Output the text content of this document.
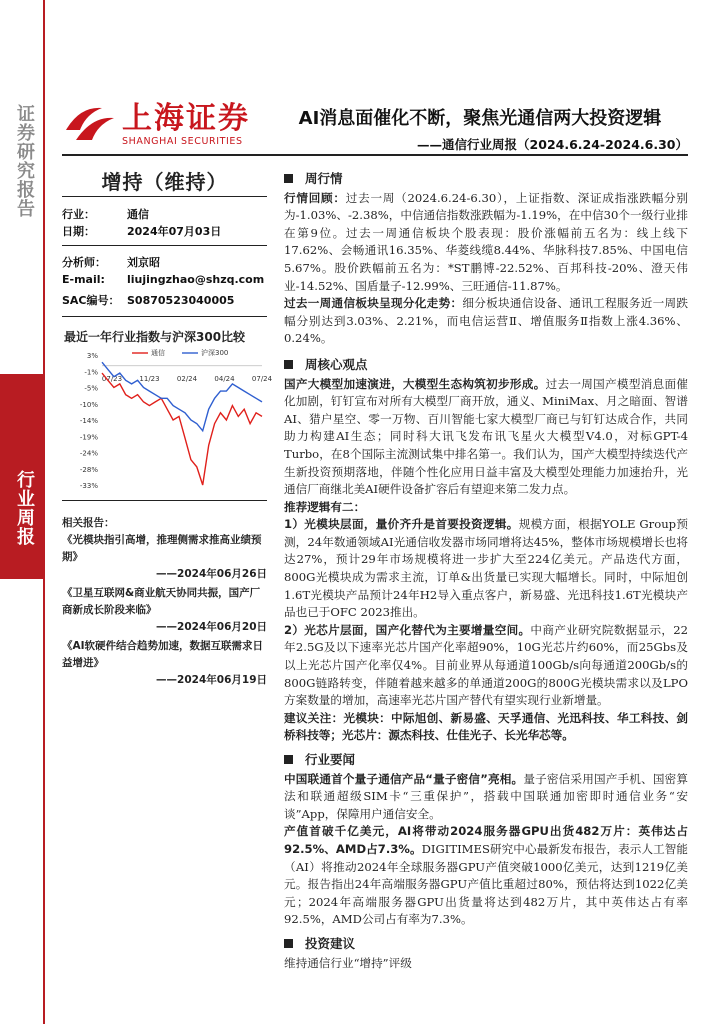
证券研究报告
行业周报
上海证券
SHANGHAI SECURITIES
AI消息面催化不断，聚焦光通信两大投资逻辑
——通信行业周报（2024.6.24-2024.6.30）
增持（维持）
行业：	通信
日期：	2024年07月03日
分析师： 刘京昭
E-mail: liujingzhao@shzq.com
SAC编号： S0870523040005
最近一年行业指数与沪深300比较
3%
-1%
-5%
-10%
-14%
-19%
-24%
-28%
-33%
07/23 11/23 02/24 04/24 07/24
通信	沪深300
相关报告：
《光模块指引高增，推理侧需求推高业绩预期》
——2024年06月26日
《卫星互联网&商业航天协同共振，国产厂商新成长阶段来临》
——2024年06月20日
《AI软硬件结合趋势加速，数据互联需求日益增进》
——2024年06月19日
周行情

行情回顾：过去一周（2024.6.24-6.30），上证指数、深证成指涨跌幅分别为-1.03%、-2.38%，中信通信指数涨跌幅为-1.19%，在中信30个一级行业排在第9位。过去一周通信板块个股表现：股价涨幅前五名为：线上线下17.62%、会畅通讯16.35%、华菱线缆8.44%、华脉科技7.85%、中国电信5.67%。股价跌幅前五名为：*ST鹏博-22.52%、百邦科技-20%、澄天伟业-14.52%、国盾量子-12.99%、三旺通信-11.87%。

过去一周通信板块呈现分化走势：细分板块通信设备、通讯工程服务近一周跌幅分别达到3.03%、2.21%，而电信运营Ⅱ、增值服务Ⅱ指数上涨4.36%、0.24%。

周核心观点

国产大模型加速演进，大模型生态构筑初步形成。过去一周国产模型消息面催化加剧，钉钉宣布对所有大模型厂商开放，通义、MiniMax、月之暗面、智谱AI、猎户星空、零一万物、百川智能七家大模型厂商已与钉钉达成合作，共同助力构建AI生态；同时科大讯飞发布讯飞星火大模型V4.0，对标GPT-4 Turbo，在8个国际主流测试集中排名第一。我们认为，国产大模型持续迭代产生新投资预期落地，伴随个性化应用日益丰富及大模型处理能力加速抬升，光通信厂商继北美AI硬件设备扩容后有望迎来第二发力点。

推荐逻辑有二：

1）光模块层面，量价齐升是首要投资逻辑。规模方面，根据YOLE Group预测，24年数通领域AI光通信收发器市场同增将达45%，整体市场规模增长也将达27%，预计29年市场规模将进一步扩大至224亿美元。产品迭代方面，800G光模块成为需求主流，订单&出货量已实现大幅增长。同时，中际旭创1.6T光模块产品预计24年H2导入重点客户，新易盛、光迅科技1.6T光模块产品也已于OFC 2023推出。

2）光芯片层面，国产化替代为主要增量空间。中商产业研究院数据显示，22年2.5G及以下速率光芯片国产化率超90%，10G光芯片约60%，而25Gbs及以上光芯片国产化率仅4%。目前业界从每通道100Gb/s向每通道200Gb/s的800G链路转变，伴随着越来越多的单通道200G的800G光模块需求以及LPO方案数量的增加，高速率光芯片国产替代有望实现行业新增量。

建议关注：光模块：中际旭创、新易盛、天孚通信、光迅科技、华工科技、剑桥科技等；光芯片：源杰科技、仕佳光子、长光华芯等。

行业要闻

中国联通首个量子通信产品“量子密信”亮相。量子密信采用国产手机、国密算法和联通超级SIM卡“三重保护”，搭载中国联通加密即时通信业务“安谈”App，保障用户通信安全。

产值首破千亿美元，AI将带动2024服务器GPU出货482万片：英伟达占92.5%、AMD占7.3%。DIGITIMES研究中心最新发布报告，表示人工智能（AI）将推动2024年全球服务器GPU产值突破1000亿美元，达到1219亿美元。报告指出24年高端服务器GPU产值比重超过80%，预估将达到1022亿美元；2024年高端服务器GPU出货量将达到482万片，其中英伟达占有率92.5%，AMD公司占有率为7.3%。

投资建议

维持通信行业“增持”评级
